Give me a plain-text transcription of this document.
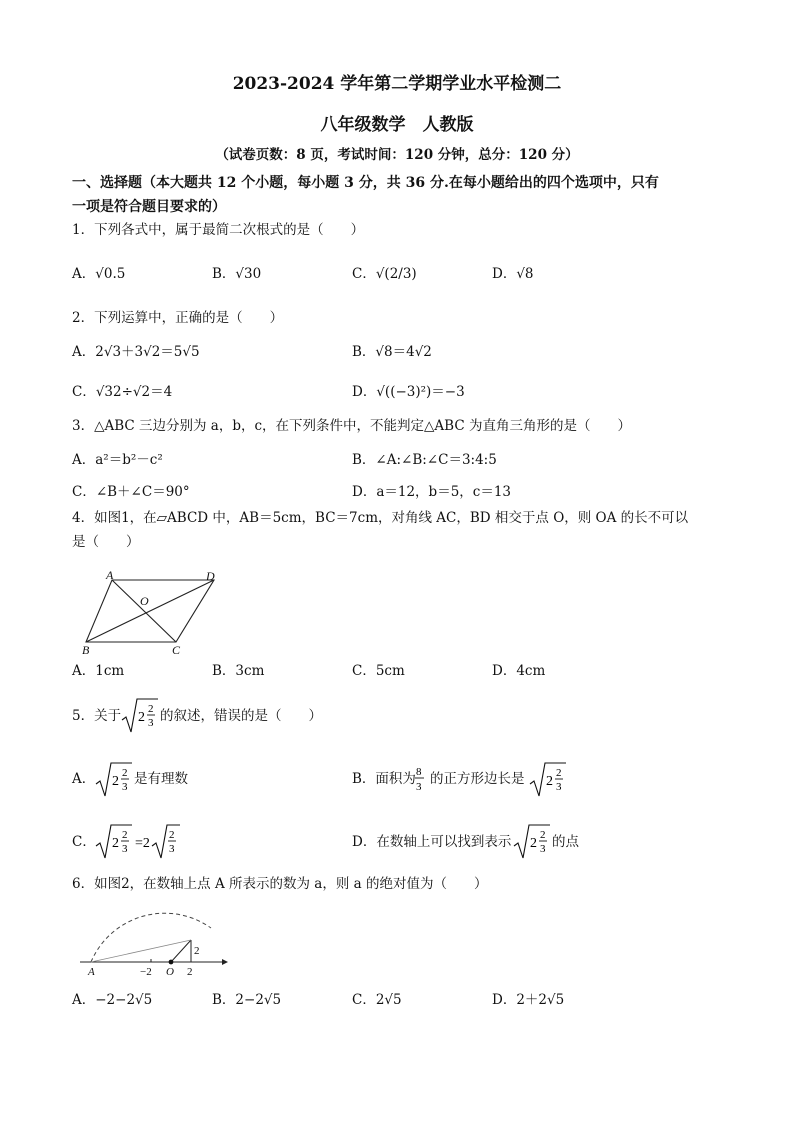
2023-2024 学年第二学期学业水平检测二
八年级数学　人教版
（试卷页数：8 页，考试时间：120 分钟，总分：120 分）
一、选择题（本大题共 12 个小题，每小题 3 分，共 36 分.在每小题给出的四个选项中，只有
一项是符合题目要求的）
1．下列各式中，属于最简二次根式的是（　　）
A．√0.5	B．√30	C．√(2/3)	D．√8
2．下列运算中，正确的是（　　）
A．2√3＋3√2＝5√5	B．√8＝4√2
C．√32÷√2＝4	D．√((−3)²)＝−3
3．△ABC 三边分别为 a，b，c，在下列条件中，不能判定△ABC 为直角三角形的是（　　）
A．a²＝b²－c²	B．∠A:∠B:∠C＝3:4:5
C．∠B＋∠C＝90°	D．a＝12，b＝5，c＝13
4．如图1，在▱ABCD 中，AB＝5cm，BC＝7cm，对角线 AC，BD 相交于点 O，则 OA 的长不可以
是（　　）
A	D
O
B	C
A．1cm	B．3cm	C．5cm	D．4cm
5．关于 2
2
3 的叙述，错误的是（　　）
A． 2
2
3 是有理数	B．面积为 8
3 的正方形边长是 2
2
3
C． 2
2
3 =2
2
3	D．在数轴上可以找到表示 2
2
3 的点
6．如图2，在数轴上点 A 所表示的数为 a，则 a 的绝对值为（　　）
A	−2 O 2
2
A．−2−2√5	B．2−2√5	C．2√5	D．2＋2√5
